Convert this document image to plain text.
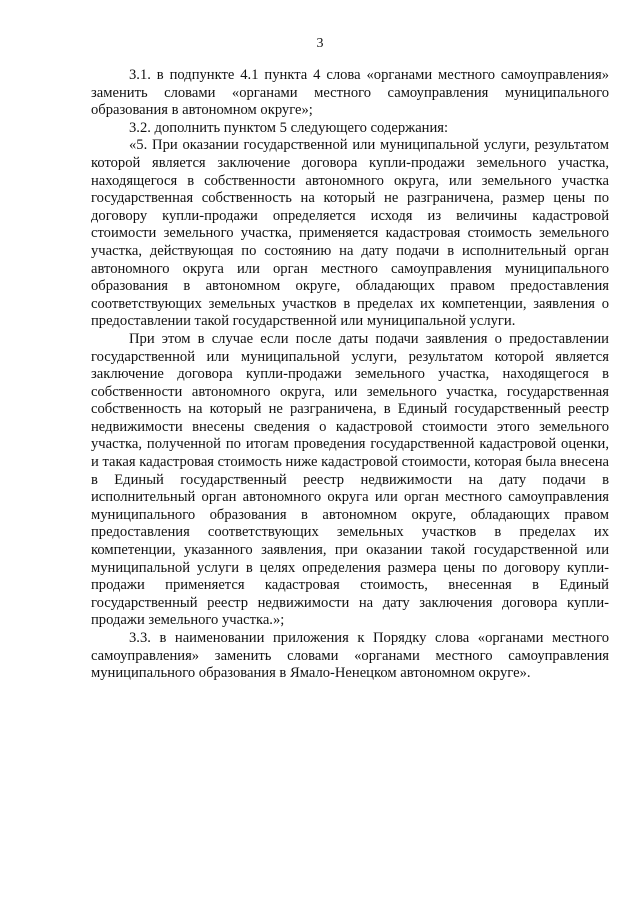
3

3.1. в подпункте 4.1 пункта 4 слова «органами местного самоуправления» заменить словами «органами местного самоуправления муниципального образования в автономном округе»;

3.2. дополнить пунктом 5 следующего содержания:

«5. При оказании государственной или муниципальной услуги, результатом которой является заключение договора купли-продажи земельного участка, находящегося в собственности автономного округа, или земельного участка государственная собственность на который не разграничена, размер цены по договору купли-продажи определяется исходя из величины кадастровой стоимости земельного участка, применяется кадастровая стоимость земельного участка, действующая по состоянию на дату подачи в исполнительный орган автономного округа или орган местного самоуправления муниципального образования в автономном округе, обладающих правом предоставления соответствующих земельных участков в пределах их компетенции, заявления о предоставлении такой государственной или муниципальной услуги.

При этом в случае если после даты подачи заявления о предоставлении государственной или муниципальной услуги, результатом которой является заключение договора купли-продажи земельного участка, находящегося в собственности автономного округа, или земельного участка, государственная собственность на который не разграничена, в Единый государственный реестр недвижимости внесены сведения о кадастровой стоимости этого земельного участка, полученной по итогам проведения государственной кадастровой оценки, и такая кадастровая стоимость ниже кадастровой стоимости, которая была внесена в Единый государственный реестр недвижимости на дату подачи в исполнительный орган автономного округа или орган местного самоуправления муниципального образования в автономном округе, обладающих правом предоставления соответствующих земельных участков в пределах их компетенции, указанного заявления, при оказании такой государственной или муниципальной услуги в целях определения размера цены по договору купли-продажи применяется кадастровая стоимость, внесенная в Единый государственный реестр недвижимости на дату заключения договора купли-продажи земельного участка.»;

3.3. в наименовании приложения к Порядку слова «органами местного самоуправления» заменить словами «органами местного самоуправления муниципального образования в Ямало-Ненецком автономном округе».
